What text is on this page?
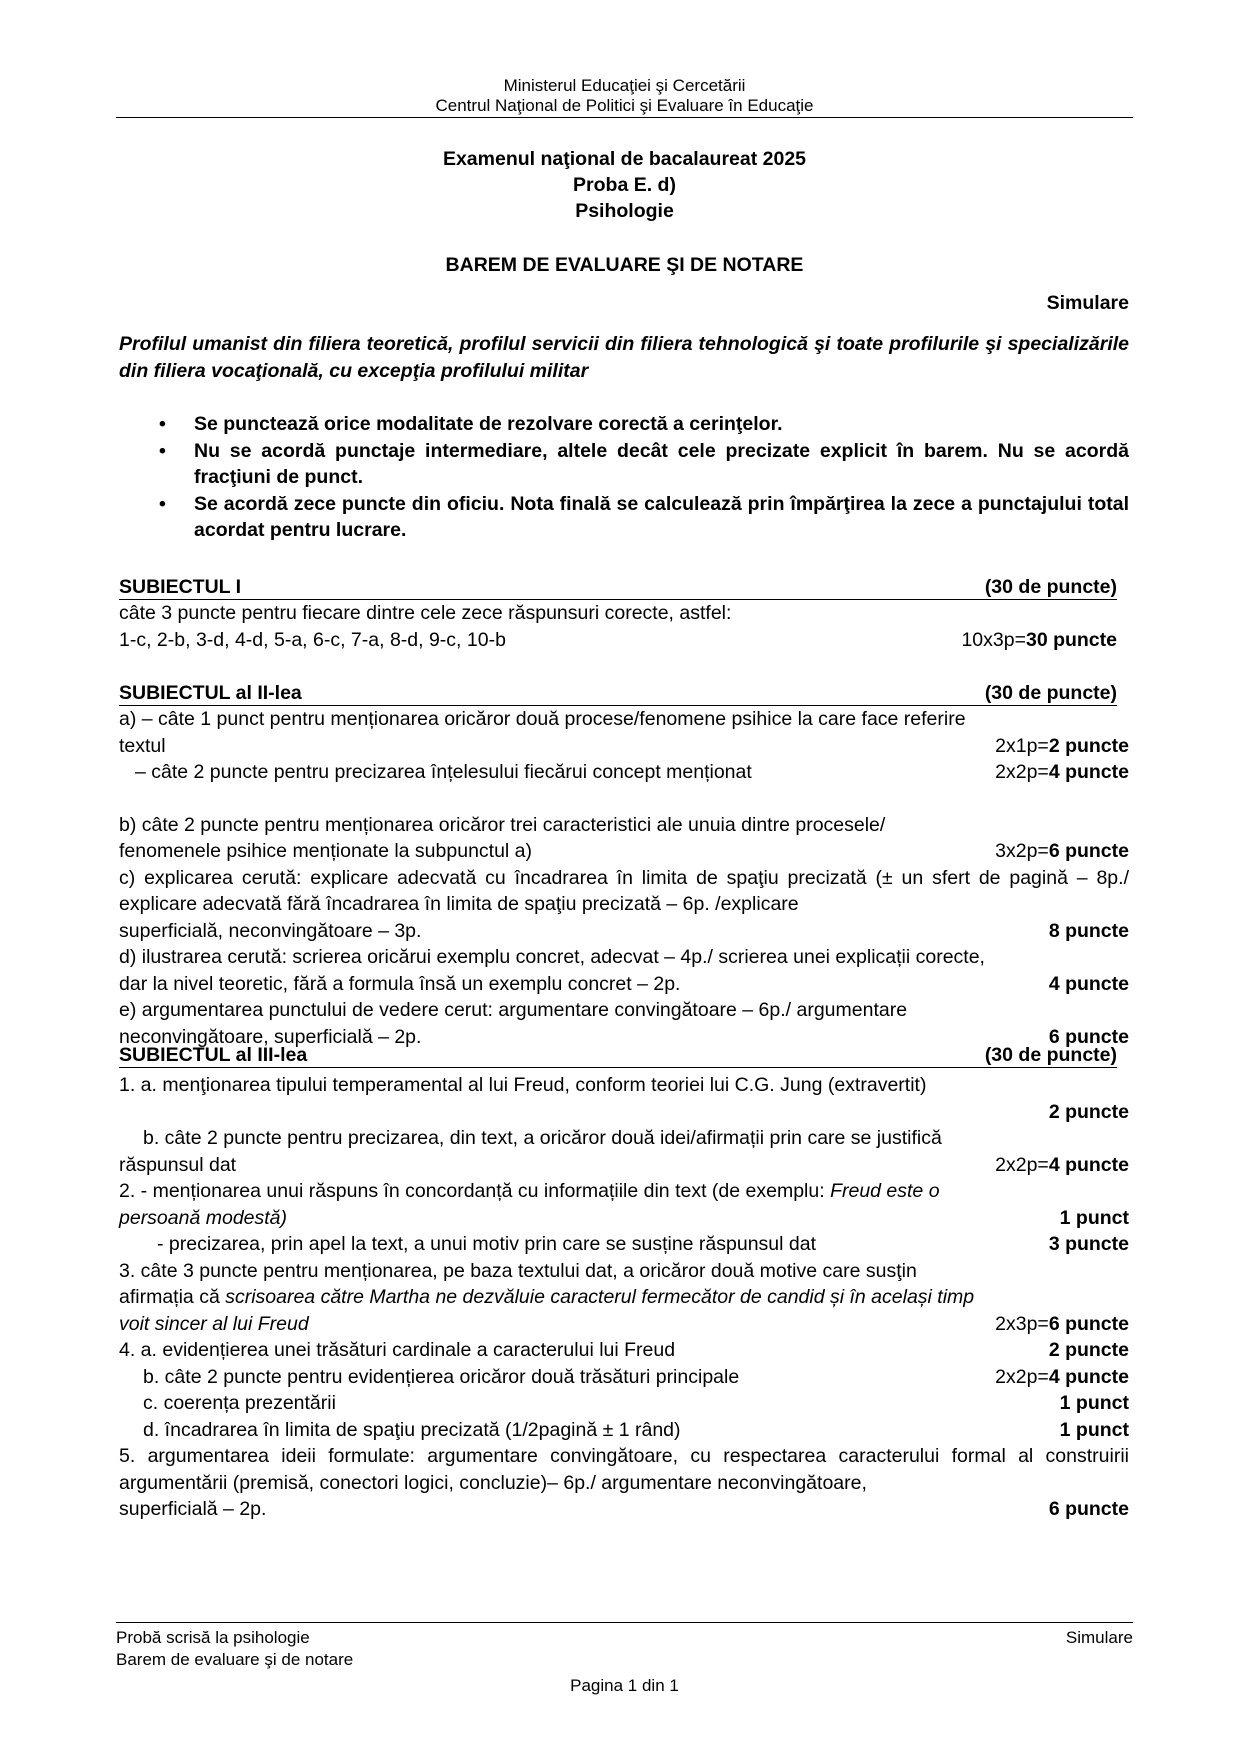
Ministerul Educaţiei şi Cercetării
Centrul Naţional de Politici şi Evaluare în Educaţie
Examenul naţional de bacalaureat 2025
Proba E. d)
Psihologie
BAREM DE EVALUARE ŞI DE NOTARE
Simulare
Profilul umanist din filiera teoretică, profilul servicii din filiera tehnologică şi toate profilurile şi specializările din filiera vocaţională, cu excepţia profilului militar
• Se punctează orice modalitate de rezolvare corectă a cerinţelor.
• Nu se acordă punctaje intermediare, altele decât cele precizate explicit în barem. Nu se acordă fracţiuni de punct.
• Se acordă zece puncte din oficiu. Nota finală se calculează prin împărţirea la zece a punctajului total acordat pentru lucrare.
SUBIECTUL I	(30 de puncte)
câte 3 puncte pentru fiecare dintre cele zece răspunsuri corecte, astfel:
1-c, 2-b, 3-d, 4-d, 5-a, 6-c, 7-a, 8-d, 9-c, 10-b	10x3p=30 puncte
SUBIECTUL al II-lea	(30 de puncte)
a) – câte 1 punct pentru menționarea oricăror două procese/fenomene psihice la care face referire
textul	2x1p=2 puncte
– câte 2 puncte pentru precizarea înțelesului fiecărui concept menționat	2x2p=4 puncte
b) câte 2 puncte pentru menționarea oricăror trei caracteristici ale unuia dintre procesele/
fenomenele psihice menționate la subpunctul a)	3x2p=6 puncte
c) explicarea cerută: explicare adecvată cu încadrarea în limita de spaţiu precizată (± un sfert de pagină – 8p./ explicare adecvată fără încadrarea în limita de spaţiu precizată – 6p. /explicare
superficială, neconvingătoare – 3p.	8 puncte
d) ilustrarea cerută: scrierea oricărui exemplu concret, adecvat – 4p./ scrierea unei explicații corecte,
dar la nivel teoretic, fără a formula însă un exemplu concret – 2p.	4 puncte
e) argumentarea punctului de vedere cerut: argumentare convingătoare – 6p./ argumentare
neconvingătoare, superficială – 2p.	6 puncte
SUBIECTUL al III-lea	(30 de puncte)
1. a. menţionarea tipului temperamental al lui Freud, conform teoriei lui C.G. Jung (extravertit)
2 puncte
b. câte 2 puncte pentru precizarea, din text, a oricăror două idei/afirmații prin care se justifică
răspunsul dat	2x2p=4 puncte
2. - menționarea unui răspuns în concordanță cu informațiile din text (de exemplu: Freud este o
persoană modestă)	1 punct
- precizarea, prin apel la text, a unui motiv prin care se susține răspunsul dat	3 puncte
3. câte 3 puncte pentru menționarea, pe baza textului dat, a oricăror două motive care susţin
afirmația că scrisoarea către Martha ne dezvăluie caracterul fermecător de candid și în același timp
voit sincer al lui Freud	2x3p=6 puncte
4. a. evidențierea unei trăsături cardinale a caracterului lui Freud	2 puncte
b. câte 2 puncte pentru evidențierea oricăror două trăsături principale	2x2p=4 puncte
c. coerența prezentării	1 punct
d. încadrarea în limita de spaţiu precizată (1/2pagină ± 1 rând)	1 punct
5. argumentarea ideii formulate: argumentare convingătoare, cu respectarea caracterului formal al construirii argumentării (premisă, conectori logici, concluzie)– 6p./ argumentare neconvingătoare,
superficială – 2p.	6 puncte
Probă scrisă la psihologie	Simulare
Barem de evaluare şi de notare
Pagina 1 din 1
